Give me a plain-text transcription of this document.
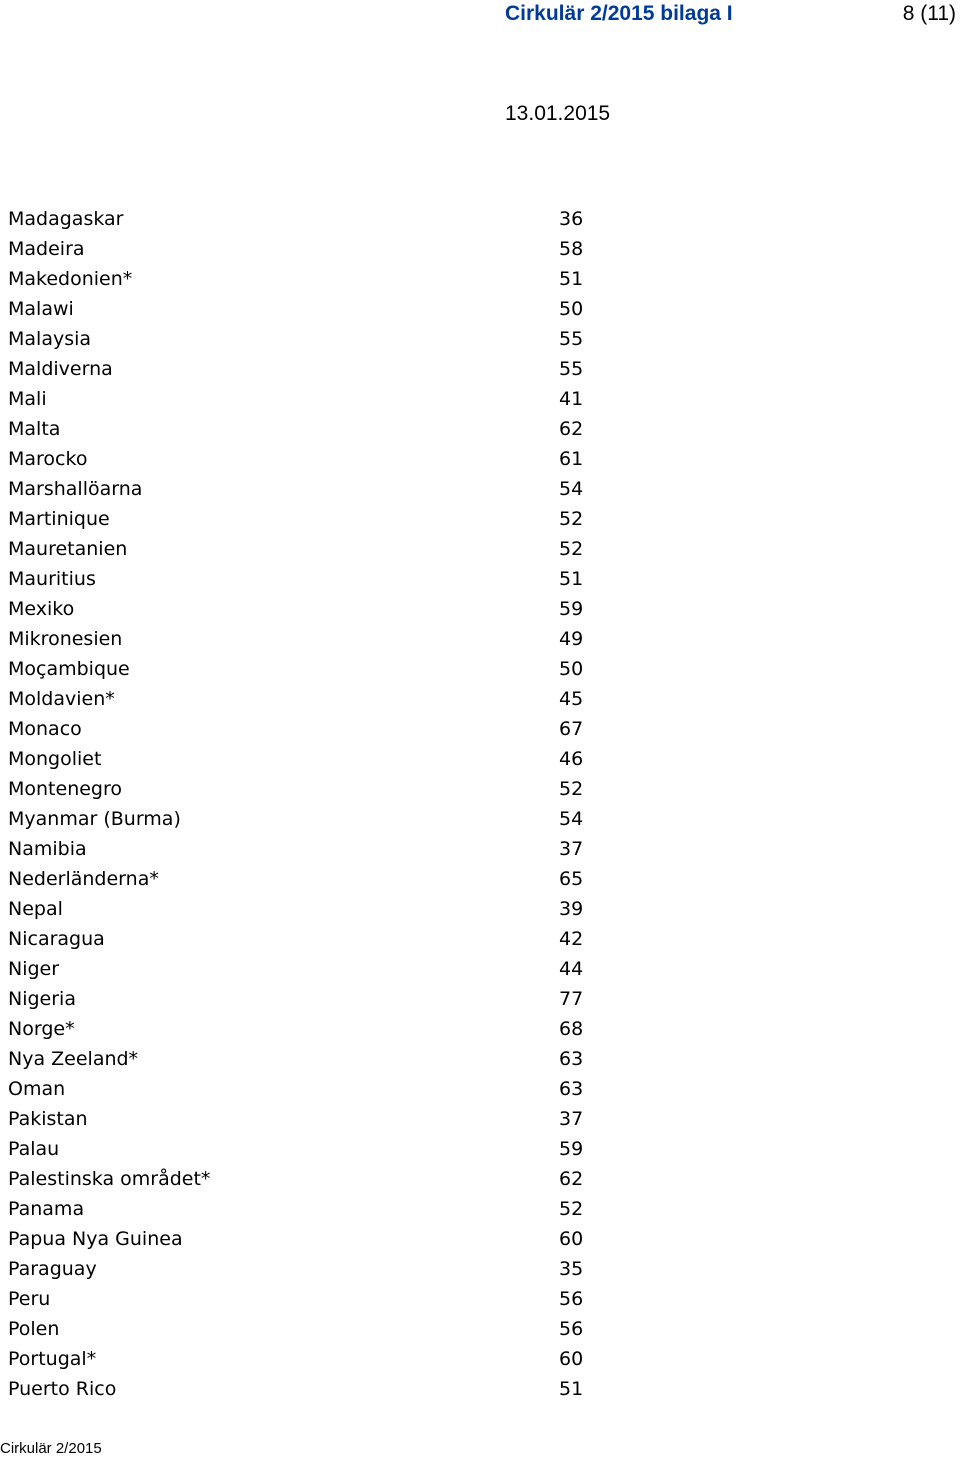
Cirkulär 2/2015 bilaga I	8 (11)
13.01.2015
Madagaskar	36
Madeira	58
Makedonien*	51
Malawi	50
Malaysia	55
Maldiverna	55
Mali	41
Malta	62
Marocko	61
Marshallöarna	54
Martinique	52
Mauretanien	52
Mauritius	51
Mexiko	59
Mikronesien	49
Moçambique	50
Moldavien*	45
Monaco	67
Mongoliet	46
Montenegro	52
Myanmar (Burma)	54
Namibia	37
Nederländerna*	65
Nepal	39
Nicaragua	42
Niger	44
Nigeria	77
Norge*	68
Nya Zeeland*	63
Oman	63
Pakistan	37
Palau	59
Palestinska området*	62
Panama	52
Papua Nya Guinea	60
Paraguay	35
Peru	56
Polen	56
Portugal*	60
Puerto Rico	51
Cirkulär 2/2015
